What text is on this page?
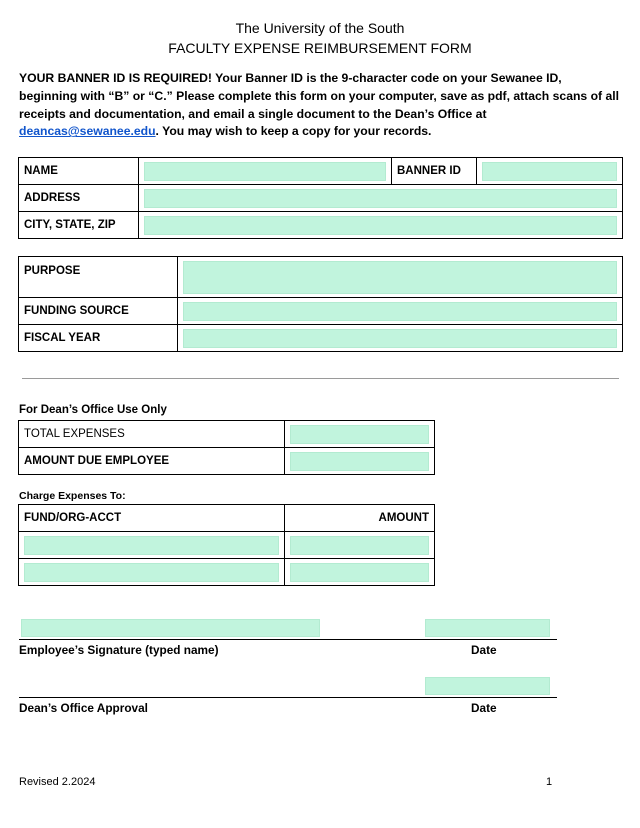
The University of the South
FACULTY EXPENSE REIMBURSEMENT FORM
YOUR BANNER ID IS REQUIRED! Your Banner ID is the 9-character code on your Sewanee ID, beginning with “B” or “C.” Please complete this form on your computer, save as pdf, attach scans of all receipts and documentation, and email a single document to the Dean’s Office at deancas@sewanee.edu. You may wish to keep a copy for your records.
NAME		BANNER ID	

ADDRESS			

CITY, STATE, ZIP			
PURPOSE	

FUNDING SOURCE	

FISCAL YEAR	
For Dean’s Office Use Only
TOTAL EXPENSES	

AMOUNT DUE EMPLOYEE	
Charge Expenses To:
FUND/ORG-ACCT	AMOUNT

Employee’s Signature (typed name)	Date
Dean’s Office Approval	Date
Revised 2.2024	1
